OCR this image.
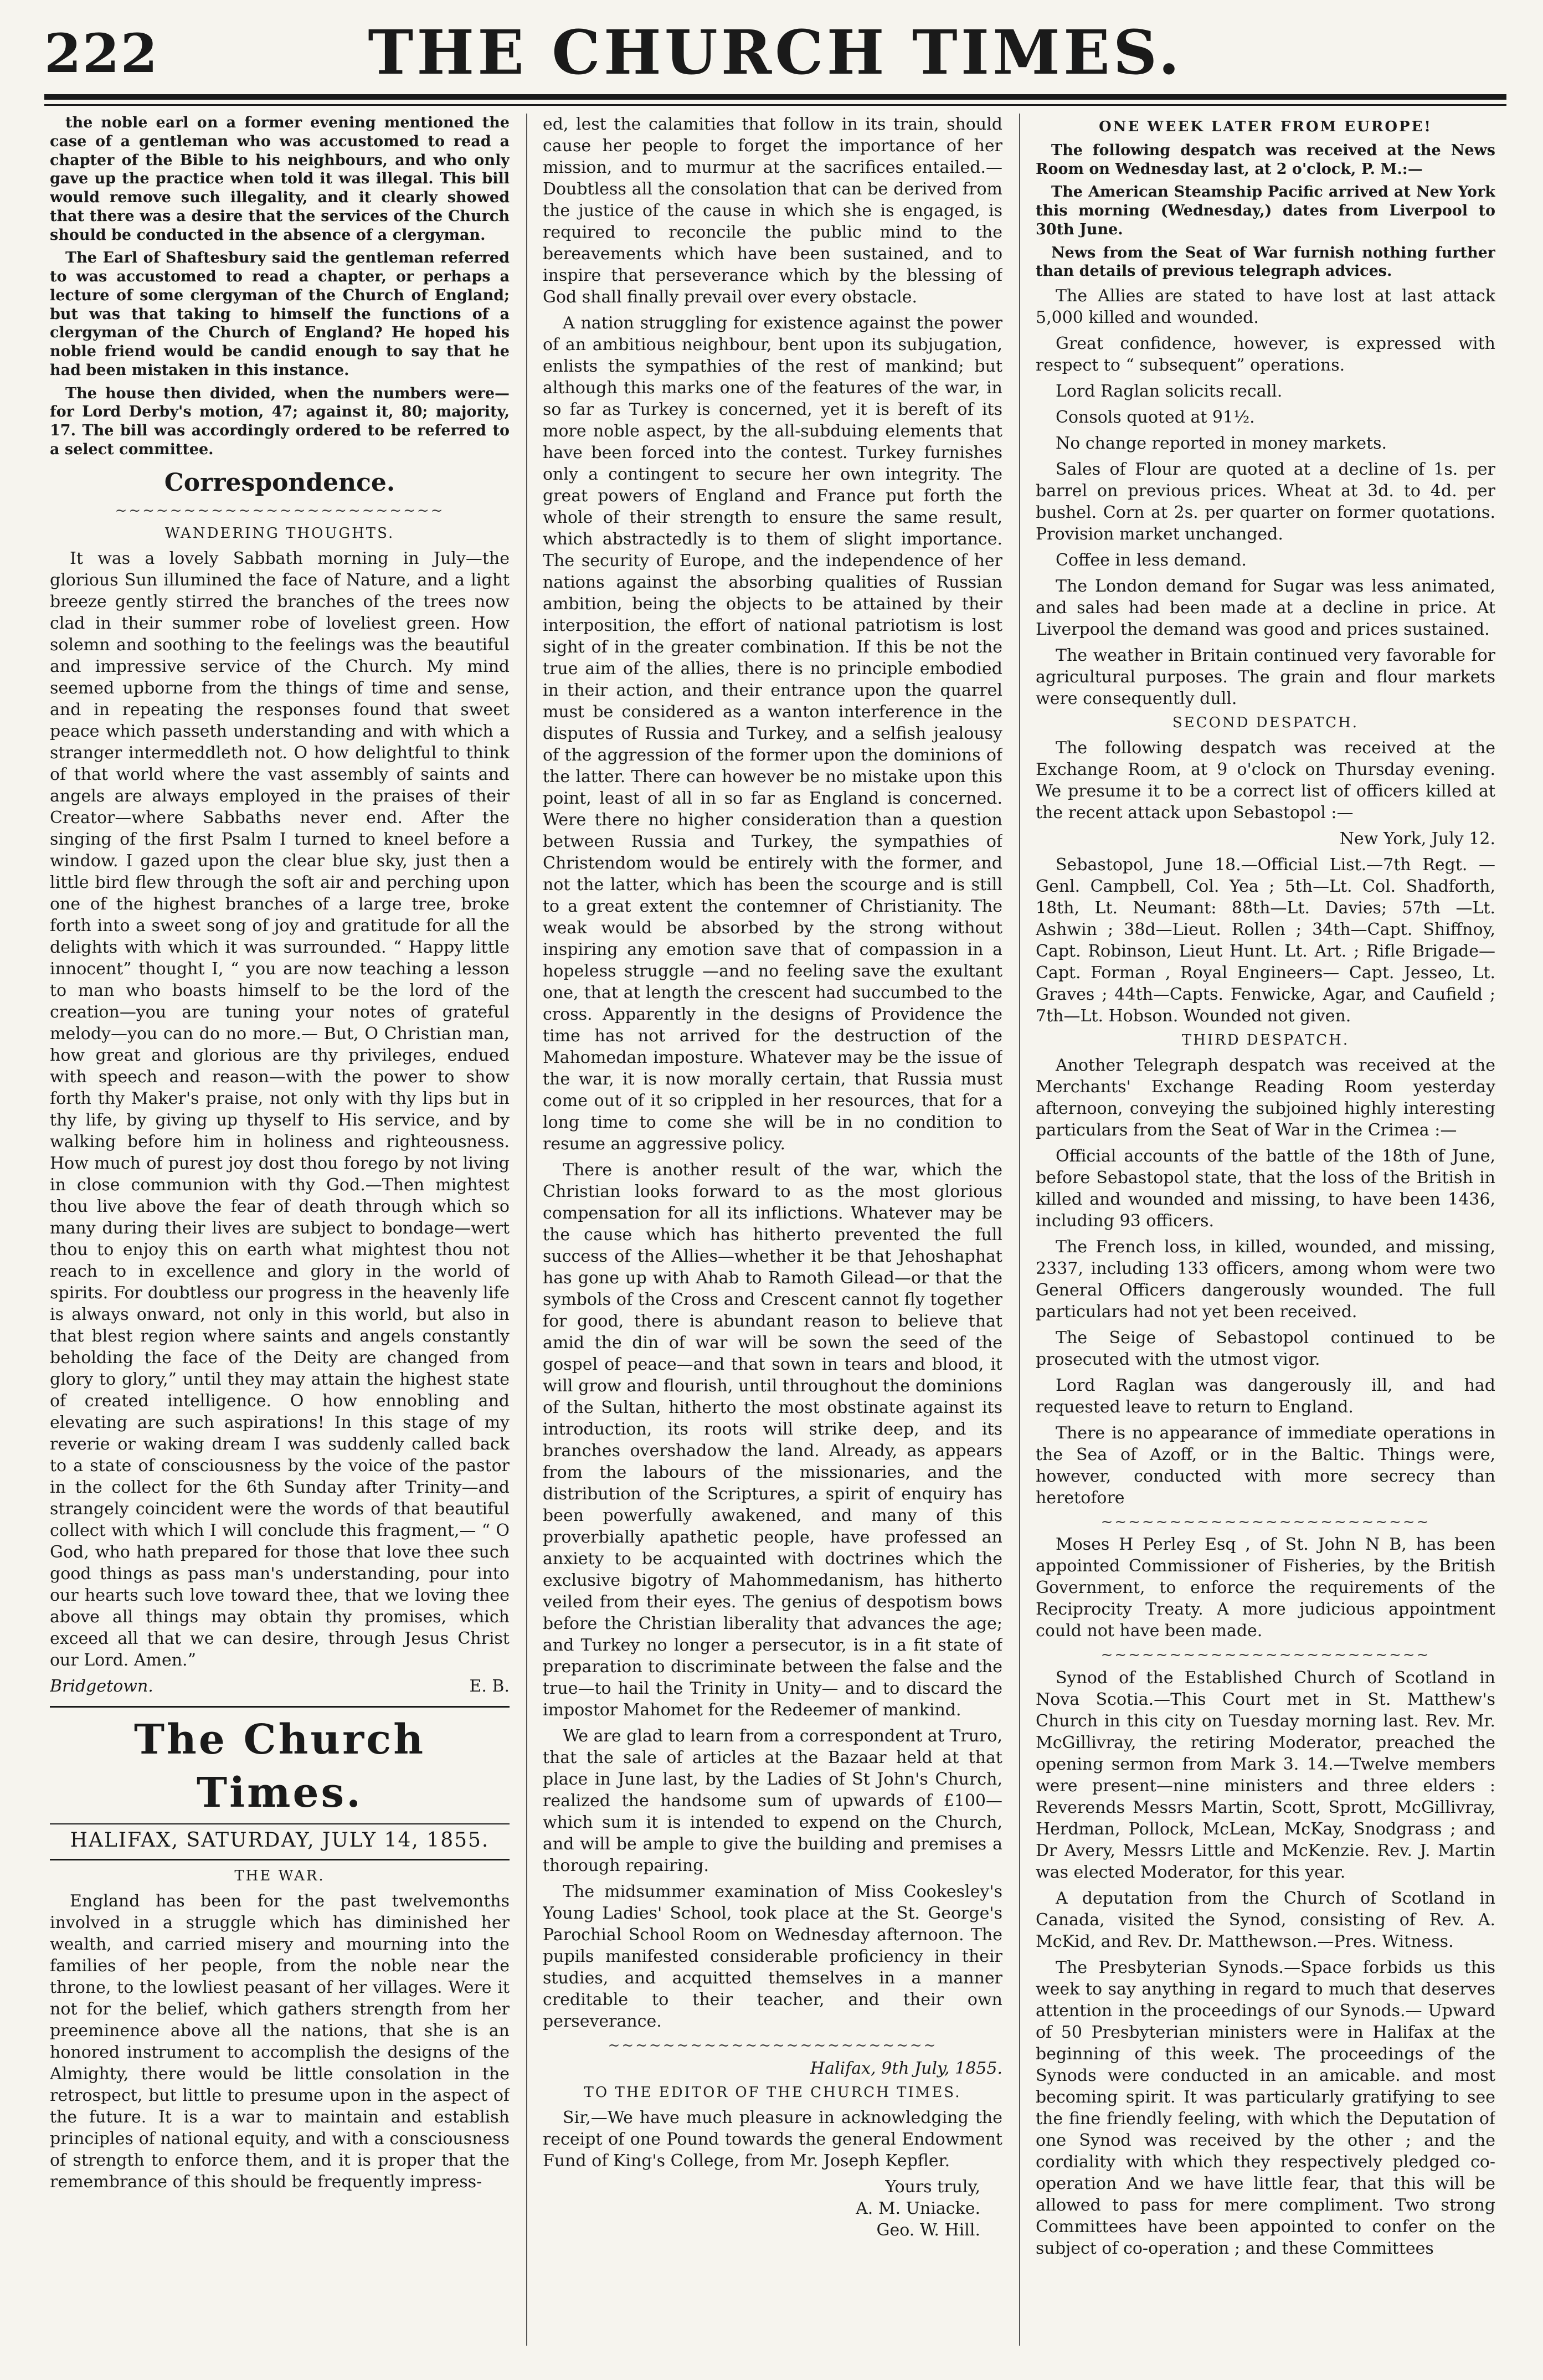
222	THE CHURCH TIMES.

the noble earl on a former evening mentioned the case of a gentleman who was accustomed to read a chapter of the Bible to his neighbours, and who only gave up the practice when told it was illegal. This bill would remove such illegality, and it clearly showed that there was a desire that the services of the Church should be conducted in the absence of a clergyman.

The Earl of Shaftesbury said the gentleman referred to was accustomed to read a chapter, or perhaps a lecture of some clergyman of the Church of England; but was that taking to himself the functions of a clergyman of the Church of England? He hoped his noble friend would be candid enough to say that he had been mistaken in this instance.

The house then divided, when the numbers were—for Lord Derby's motion, 47; against it, 80; majority, 17. The bill was accordingly ordered to be referred to a select committee.

Correspondence.
~~~~~~~~~~~~~~~~~~~~~~~~
WANDERING THOUGHTS.

It was a lovely Sabbath morning in July—the glorious Sun illumined the face of Nature, and a light breeze gently stirred the branches of the trees now clad in their summer robe of loveliest green. How solemn and soothing to the feelings was the beautiful and impressive service of the Church. My mind seemed upborne from the things of time and sense, and in repeating the responses found that sweet peace which passeth understanding and with which a stranger intermeddleth not. O how delightful to think of that world where the vast assembly of saints and angels are always employed in the praises of their Creator—where Sabbaths never end. After the singing of the first Psalm I turned to kneel before a window. I gazed upon the clear blue sky, just then a little bird flew through the soft air and perching upon one of the highest branches of a large tree, broke forth into a sweet song of joy and gratitude for all the delights with which it was surrounded. “ Happy little innocent” thought I, “ you are now teaching a lesson to man who boasts himself to be the lord of the creation—you are tuning your notes of grateful melody—you can do no more.— But, O Christian man, how great and glorious are thy privileges, endued with speech and reason—with the power to show forth thy Maker's praise, not only with thy lips but in thy life, by giving up thyself to His service, and by walking before him in holiness and righteousness. How much of purest joy dost thou forego by not living in close communion with thy God.—Then mightest thou live above the fear of death through which so many during their lives are subject to bondage—wert thou to enjoy this on earth what mightest thou not reach to in excellence and glory in the world of spirits. For doubtless our progress in the heavenly life is always onward, not only in this world, but also in that blest region where saints and angels constantly beholding the face of the Deity are changed from glory to glory,” until they may attain the highest state of created intelligence. O how ennobling and elevating are such aspirations! In this stage of my reverie or waking dream I was suddenly called back to a state of consciousness by the voice of the pastor in the collect for the 6th Sunday after Trinity—and strangely coincident were the words of that beautiful collect with which I will conclude this fragment,— “ O God, who hath prepared for those that love thee such good things as pass man's understanding, pour into our hearts such love toward thee, that we loving thee above all things may obtain thy promises, which exceed all that we can desire, through Jesus Christ our Lord. Amen.”

Bridgetown.	E. B.
The Church Times.
HALIFAX, SATURDAY, JULY 14, 1855.
THE WAR.

England has been for the past twelvemonths involved in a struggle which has diminished her wealth, and carried misery and mourning into the families of her people, from the noble near the throne, to the lowliest peasant of her villages. Were it not for the belief, which gathers strength from her preeminence above all the nations, that she is an honored instrument to accomplish the designs of the Almighty, there would be little consolation in the retrospect, but little to presume upon in the aspect of the future. It is a war to maintain and establish principles of national equity, and with a consciousness of strength to enforce them, and it is proper that the remembrance of this should be frequently impress-

ed, lest the calamities that follow in its train, should cause her people to forget the importance of her mission, and to murmur at the sacrifices entailed.— Doubtless all the consolation that can be derived from the justice of the cause in which she is engaged, is required to reconcile the public mind to the bereavements which have been sustained, and to inspire that perseverance which by the blessing of God shall finally prevail over every obstacle.

A nation struggling for existence against the power of an ambitious neighbour, bent upon its subjugation, enlists the sympathies of the rest of mankind; but although this marks one of the features of the war, in so far as Turkey is concerned, yet it is bereft of its more noble aspect, by the all-subduing elements that have been forced into the contest. Turkey furnishes only a contingent to secure her own integrity. The great powers of England and France put forth the whole of their strength to ensure the same result, which abstractedly is to them of slight importance. The security of Europe, and the independence of her nations against the absorbing qualities of Russian ambition, being the objects to be attained by their interposition, the effort of national patriotism is lost sight of in the greater combination. If this be not the true aim of the allies, there is no principle embodied in their action, and their entrance upon the quarrel must be considered as a wanton interference in the disputes of Russia and Turkey, and a selfish jealousy of the aggression of the former upon the dominions of the latter. There can however be no mistake upon this point, least of all in so far as England is concerned. Were there no higher consideration than a question between Russia and Turkey, the sympathies of Christendom would be entirely with the former, and not the latter, which has been the scourge and is still to a great extent the contemner of Christianity. The weak would be absorbed by the strong without inspiring any emotion save that of compassion in a hopeless struggle —and no feeling save the exultant one, that at length the crescent had succumbed to the cross. Apparently in the designs of Providence the time has not arrived for the destruction of the Mahomedan imposture. Whatever may be the issue of the war, it is now morally certain, that Russia must come out of it so crippled in her resources, that for a long time to come she will be in no condition to resume an aggressive policy.

There is another result of the war, which the Christian looks forward to as the most glorious compensation for all its inflictions. Whatever may be the cause which has hitherto prevented the full success of the Allies—whether it be that Jehoshaphat has gone up with Ahab to Ramoth Gilead—or that the symbols of the Cross and Crescent cannot fly together for good, there is abundant reason to believe that amid the din of war will be sown the seed of the gospel of peace—and that sown in tears and blood, it will grow and flourish, until throughout the dominions of the Sultan, hitherto the most obstinate against its introduction, its roots will strike deep, and its branches overshadow the land. Already, as appears from the labours of the missionaries, and the distribution of the Scriptures, a spirit of enquiry has been powerfully awakened, and many of this proverbially apathetic people, have professed an anxiety to be acquainted with doctrines which the exclusive bigotry of Mahommedanism, has hitherto veiled from their eyes. The genius of despotism bows before the Christian liberality that advances the age; and Turkey no longer a persecutor, is in a fit state of preparation to discriminate between the false and the true—to hail the Trinity in Unity— and to discard the impostor Mahomet for the Redeemer of mankind.

We are glad to learn from a correspondent at Truro, that the sale of articles at the Bazaar held at that place in June last, by the Ladies of St John's Church, realized the handsome sum of upwards of £100—which sum it is intended to expend on the Church, and will be ample to give the building and premises a thorough repairing.

The midsummer examination of Miss Cookesley's Young Ladies' School, took place at the St. George's Parochial School Room on Wednesday afternoon. The pupils manifested considerable proficiency in their studies, and acquitted themselves in a manner creditable to their teacher, and their own perseverance.

~~~~~~~~~~~~~~~~~~~~~~~~

Halifax, 9th July, 1855.

TO THE EDITOR OF THE CHURCH TIMES.

Sir,—We have much pleasure in acknowledging the receipt of one Pound towards the general Endowment Fund of King's College, from Mr. Joseph Kepfler.

Yours truly,
A. M. Uniacke.
Geo. W. Hill.
ONE WEEK LATER FROM EUROPE!

The following despatch was received at the News Room on Wednesday last, at 2 o'clock, P. M.:—

The American Steamship Pacific arrived at New York this morning (Wednesday,) dates from Liverpool to 30th June.

News from the Seat of War furnish nothing further than details of previous telegraph advices.

The Allies are stated to have lost at last attack 5,000 killed and wounded.

Great confidence, however, is expressed with respect to “ subsequent” operations.

Lord Raglan solicits recall.

Consols quoted at 91½.

No change reported in money markets.

Sales of Flour are quoted at a decline of 1s. per barrel on previous prices. Wheat at 3d. to 4d. per bushel. Corn at 2s. per quarter on former quotations. Provision market unchanged.

Coffee in less demand.

The London demand for Sugar was less animated, and sales had been made at a decline in price. At Liverpool the demand was good and prices sustained.

The weather in Britain continued very favorable for agricultural purposes. The grain and flour markets were consequently dull.

SECOND DESPATCH.

The following despatch was received at the Exchange Room, at 9 o'clock on Thursday evening. We presume it to be a correct list of officers killed at the recent attack upon Sebastopol :—

New York, July 12.

Sebastopol, June 18.—Official List.—7th Regt. —Genl. Campbell, Col. Yea ; 5th—Lt. Col. Shadforth, 18th, Lt. Neumant: 88th—Lt. Davies; 57th —Lt. Ashwin ; 38d—Lieut. Rollen ; 34th—Capt. Shiffnoy, Capt. Robinson, Lieut Hunt. Lt. Art. ; Rifle Brigade—Capt. Forman , Royal Engineers— Capt. Jesseo, Lt. Graves ; 44th—Capts. Fenwicke, Agar, and Caufield ; 7th—Lt. Hobson. Wounded not given.

THIRD DESPATCH.

Another Telegraph despatch was received at the Merchants' Exchange Reading Room yesterday afternoon, conveying the subjoined highly interesting particulars from the Seat of War in the Crimea :—

Official accounts of the battle of the 18th of June, before Sebastopol state, that the loss of the British in killed and wounded and missing, to have been 1436, including 93 officers.

The French loss, in killed, wounded, and missing, 2337, including 133 officers, among whom were two General Officers dangerously wounded. The full particulars had not yet been received.

The Seige of Sebastopol continued to be prosecuted with the utmost vigor.

Lord Raglan was dangerously ill, and had requested leave to return to England.

There is no appearance of immediate operations in the Sea of Azoff, or in the Baltic. Things were, however, conducted with more secrecy than heretofore

~~~~~~~~~~~~~~~~~~~~~~~~

Moses H Perley Esq , of St. John N B, has been appointed Commissioner of Fisheries, by the British Government, to enforce the requirements of the Reciprocity Treaty. A more judicious appointment could not have been made.

~~~~~~~~~~~~~~~~~~~~~~~~

Synod of the Established Church of Scotland in Nova Scotia.—This Court met in St. Matthew's Church in this city on Tuesday morning last. Rev. Mr. McGillivray, the retiring Moderator, preached the opening sermon from Mark 3. 14.—Twelve members were present—nine ministers and three elders : Reverends Messrs Martin, Scott, Sprott, McGillivray, Herdman, Pollock, McLean, McKay, Snodgrass ; and Dr Avery, Messrs Little and McKenzie. Rev. J. Martin was elected Moderator, for this year.

A deputation from the Church of Scotland in Canada, visited the Synod, consisting of Rev. A. McKid, and Rev. Dr. Matthewson.—Pres. Witness.

The Presbyterian Synods.—Space forbids us this week to say anything in regard to much that deserves attention in the proceedings of our Synods.— Upward of 50 Presbyterian ministers were in Halifax at the beginning of this week. The proceedings of the Synods were conducted in an amicable. and most becoming spirit. It was particularly gratifying to see the fine friendly feeling, with which the Deputation of one Synod was received by the other ; and the cordiality with which they respectively pledged co-operation And we have little fear, that this will be allowed to pass for mere compliment. Two strong Committees have been appointed to confer on the subject of co-operation ; and these Committees
